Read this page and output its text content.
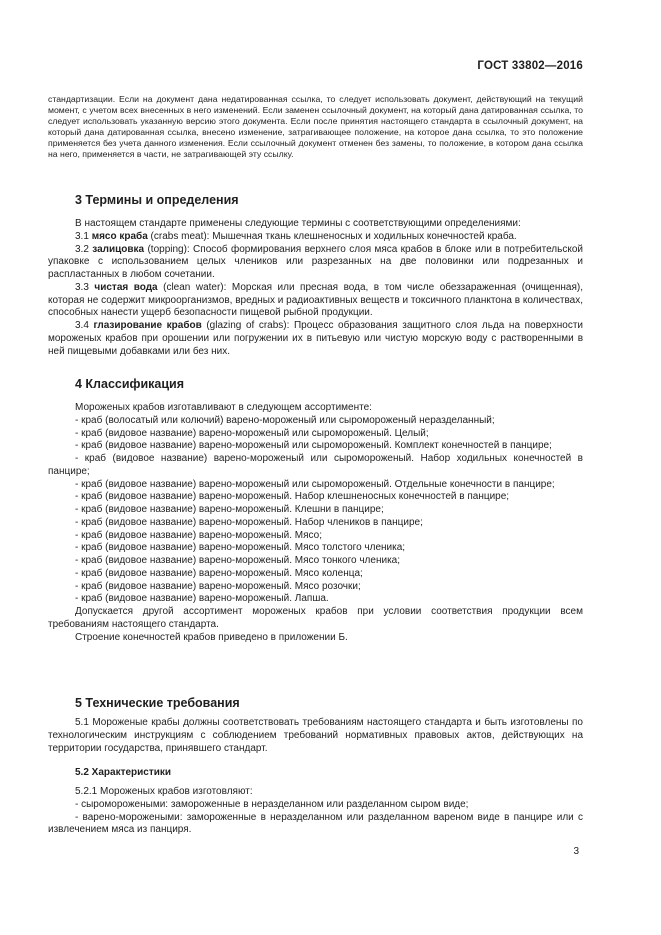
ГОСТ 33802—2016

стандартизации. Если на документ дана недатированная ссылка, то следует использовать документ, действующий на текущий момент, с учетом всех внесенных в него изменений. Если заменен ссылочный документ, на который дана датированная ссылка, то следует использовать указанную версию этого документа. Если после принятия настоящего стандарта в ссылочный документ, на который дана датированная ссылка, внесено изменение, затрагивающее положение, на которое дана ссылка, то это положение применяется без учета данного изменения. Если ссылочный документ отменен без замены, то положение, в котором дана ссылка на него, применяется в части, не затрагивающей эту ссылку.

3 Термины и определения

В настоящем стандарте применены следующие термины с соответствующими определениями:

3.1 мясо краба (crabs meat): Мышечная ткань клешненосных и ходильных конечностей краба.

3.2 залицовка (topping): Способ формирования верхнего слоя мяса крабов в блоке или в потребительской упаковке с использованием целых члеников или разрезанных на две половинки или подрезанных и распластанных в любом сочетании.

3.3 чистая вода (clean water): Морская или пресная вода, в том числе обеззараженная (очищенная), которая не содержит микроорганизмов, вредных и радиоактивных веществ и токсичного планктона в количествах, способных нанести ущерб безопасности пищевой рыбной продукции.

3.4 глазирование крабов (glazing of crabs): Процесс образования защитного слоя льда на поверхности мороженых крабов при орошении или погружении их в питьевую или чистую морскую воду с растворенными в ней пищевыми добавками или без них.

4 Классификация

Мороженых крабов изготавливают в следующем ассортименте:

- краб (волосатый или колючий) варено-мороженый или сыромороженый неразделанный;

- краб (видовое название) варено-мороженый или сыромороженый. Целый;

- краб (видовое название) варено-мороженый или сыромороженый. Комплект конечностей в панцире;

- краб (видовое название) варено-мороженый или сыромороженый. Набор ходильных конечностей в панцире;

- краб (видовое название) варено-мороженый или сыромороженый. Отдельные конечности в панцире;

- краб (видовое название) варено-мороженый. Набор клешненосных конечностей в панцире;

- краб (видовое название) варено-мороженый. Клешни в панцире;

- краб (видовое название) варено-мороженый. Набор члеников в панцире;

- краб (видовое название) варено-мороженый. Мясо;

- краб (видовое название) варено-мороженый. Мясо толстого членика;

- краб (видовое название) варено-мороженый. Мясо тонкого членика;

- краб (видовое название) варено-мороженый. Мясо коленца;

- краб (видовое название) варено-мороженый. Мясо розочки;

- краб (видовое название) варено-мороженый. Лапша.

Допускается другой ассортимент мороженых крабов при условии соответствия продукции всем требованиям настоящего стандарта.

Строение конечностей крабов приведено в приложении Б.

5 Технические требования

5.1 Мороженые крабы должны соответствовать требованиям настоящего стандарта и быть изготовлены по технологическим инструкциям с соблюдением требований нормативных правовых актов, действующих на территории государства, принявшего стандарт.

5.2 Характеристики

5.2.1 Мороженых крабов изготовляют:

- сыроморожеными: замороженные в неразделанном или разделанном сыром виде;

- варено-морожеными: замороженные в неразделанном или разделанном вареном виде в панцире или с извлечением мяса из панциря.

3
